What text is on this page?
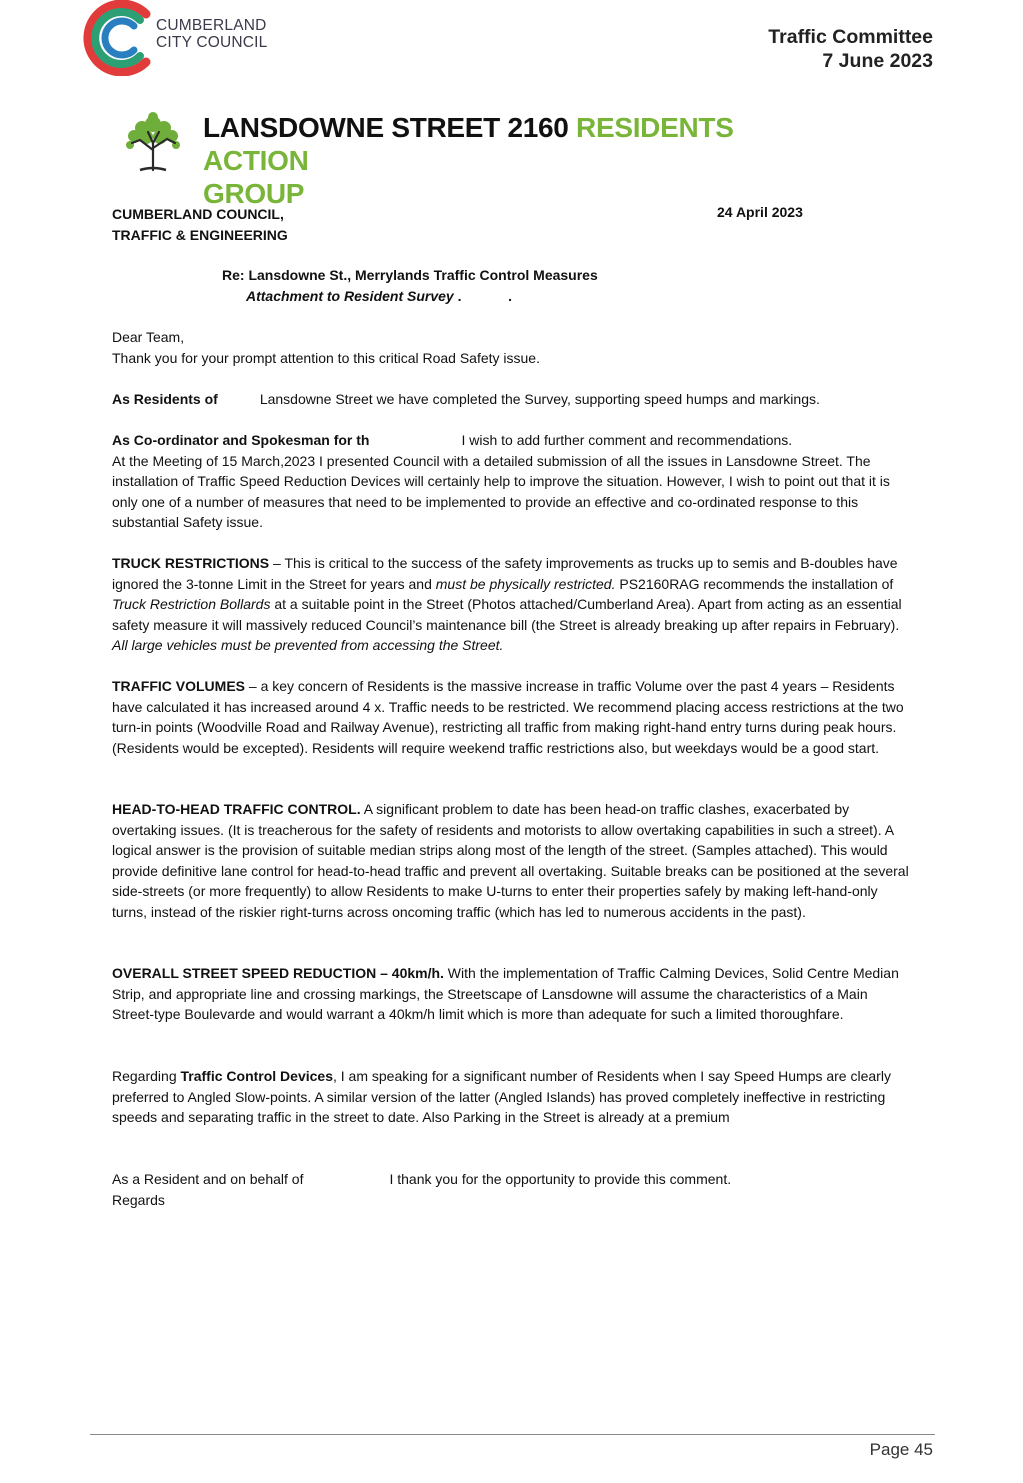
CUMBERLAND
CITY COUNCIL	Traffic Committee
7 June 2023
LANSDOWNE STREET 2160 RESIDENTS ACTION
GROUP
CUMBERLAND COUNCIL,
TRAFFIC & ENGINEERING
24 April 2023
Re: Lansdowne St., Merrylands Traffic Control Measures
Attachment to Resident Survey .            .

Dear Team,

Thank you for your prompt attention to this critical Road Safety issue.

As Residents of	Lansdowne Street we have completed the Survey, supporting speed humps and markings.

As Co-ordinator and Spokesman for th	I wish to add further comment and recommendations.

At the Meeting of 15 March,2023 I presented Council with a detailed submission of all the issues in Lansdowne Street. The installation of Traffic Speed Reduction Devices will certainly help to improve the situation. However, I wish to point out that it is only one of a number of measures that need to be implemented to provide an effective and co-ordinated response to this substantial Safety issue.

TRUCK RESTRICTIONS – This is critical to the success of the safety improvements as trucks up to semis and B-doubles have ignored the 3-tonne Limit in the Street for years and must be physically restricted. PS2160RAG recommends the installation of Truck Restriction Bollards at a suitable point in the Street (Photos attached/Cumberland Area). Apart from acting as an essential safety measure it will massively reduced Council’s maintenance bill (the Street is already breaking up after repairs in February). All large vehicles must be prevented from accessing the Street.

TRAFFIC VOLUMES – a key concern of Residents is the massive increase in traffic Volume over the past 4 years – Residents have calculated it has increased around 4 x. Traffic needs to be restricted. We recommend placing access restrictions at the two turn-in points (Woodville Road and Railway Avenue), restricting all traffic from making right-hand entry turns during peak hours. (Residents would be excepted). Residents will require weekend traffic restrictions also, but weekdays would be a good start.

HEAD-TO-HEAD TRAFFIC CONTROL. A significant problem to date has been head-on traffic clashes, exacerbated by overtaking issues. (It is treacherous for the safety of residents and motorists to allow overtaking capabilities in such a street). A logical answer is the provision of suitable median strips along most of the length of the street. (Samples attached). This would provide definitive lane control for head-to-head traffic and prevent all overtaking. Suitable breaks can be positioned at the several side-streets (or more frequently) to allow Residents to make U-turns to enter their properties safely by making left-hand-only turns, instead of the riskier right-turns across oncoming traffic (which has led to numerous accidents in the past).

OVERALL STREET SPEED REDUCTION – 40km/h. With the implementation of Traffic Calming Devices, Solid Centre Median Strip, and appropriate line and crossing markings, the Streetscape of Lansdowne will assume the characteristics of a Main Street-type Boulevarde and would warrant a 40km/h limit which is more than adequate for such a limited thoroughfare.

Regarding Traffic Control Devices, I am speaking for a significant number of Residents when I say Speed Humps are clearly preferred to Angled Slow-points. A similar version of the latter (Angled Islands) has proved completely ineffective in restricting speeds and separating traffic in the street to date. Also Parking in the Street is already at a premium

As a Resident and on behalf of	I thank you for the opportunity to provide this comment.

Regards

Page 45
